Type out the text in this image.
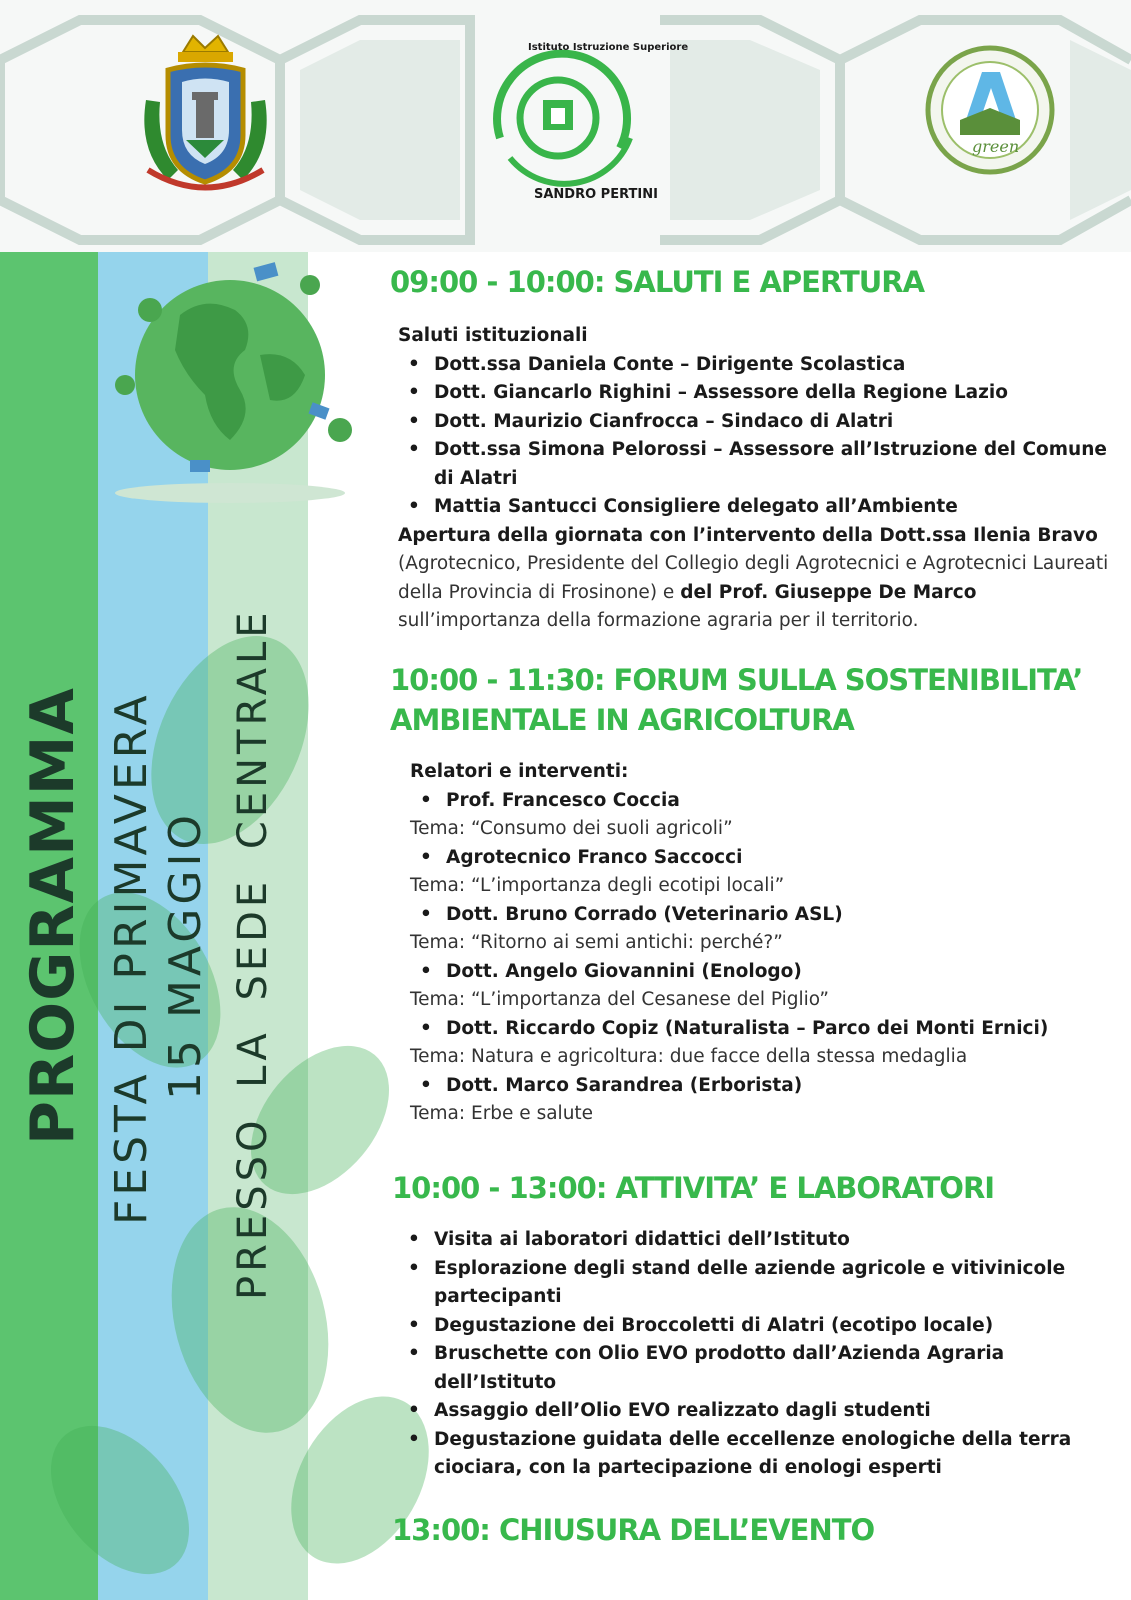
Istituto Istruzione Superiore
SANDRO PERTINI
green
PROGRAMMA FESTA DI PRIMAVERA 15 MAGGIO PRESSO LA SEDE CENTRALE
09:00 - 10:00: SALUTI E APERTURA
Saluti istituzionali
• Dott.ssa Daniela Conte – Dirigente Scolastica
• Dott. Giancarlo Righini – Assessore della Regione Lazio
• Dott. Maurizio Cianfrocca – Sindaco di Alatri
• Dott.ssa Simona Pelorossi – Assessore all’Istruzione del Comune di Alatri
• Mattia Santucci Consigliere delegato all’Ambiente
Apertura della giornata con l’intervento della Dott.ssa Ilenia Bravo (Agrotecnico, Presidente del Collegio degli Agrotecnici e Agrotecnici Laureati della Provincia di Frosinone) e del Prof. Giuseppe De Marco sull’importanza della formazione agraria per il territorio.
10:00 - 11:30: FORUM SULLA SOSTENIBILITA’ AMBIENTALE IN AGRICOLTURA
Relatori e interventi:
• Prof. Francesco Coccia
Tema: “Consumo dei suoli agricoli”
• Agrotecnico Franco Saccocci
Tema: “L’importanza degli ecotipi locali”
• Dott. Bruno Corrado (Veterinario ASL)
Tema: “Ritorno ai semi antichi: perché?”
• Dott. Angelo Giovannini (Enologo)
Tema: “L’importanza del Cesanese del Piglio”
• Dott. Riccardo Copiz (Naturalista – Parco dei Monti Ernici)
Tema: Natura e agricoltura: due facce della stessa medaglia
• Dott. Marco Sarandrea (Erborista)
Tema: Erbe e salute
10:00 - 13:00: ATTIVITA’ E LABORATORI
• Visita ai laboratori didattici dell’Istituto
• Esplorazione degli stand delle aziende agricole e vitivinicole partecipanti
• Degustazione dei Broccoletti di Alatri (ecotipo locale)
• Bruschette con Olio EVO prodotto dall’Azienda Agraria dell’Istituto
• Assaggio dell’Olio EVO realizzato dagli studenti
• Degustazione guidata delle eccellenze enologiche della terra ciociara, con la partecipazione di enologi esperti
13:00: CHIUSURA DELL’EVENTO
